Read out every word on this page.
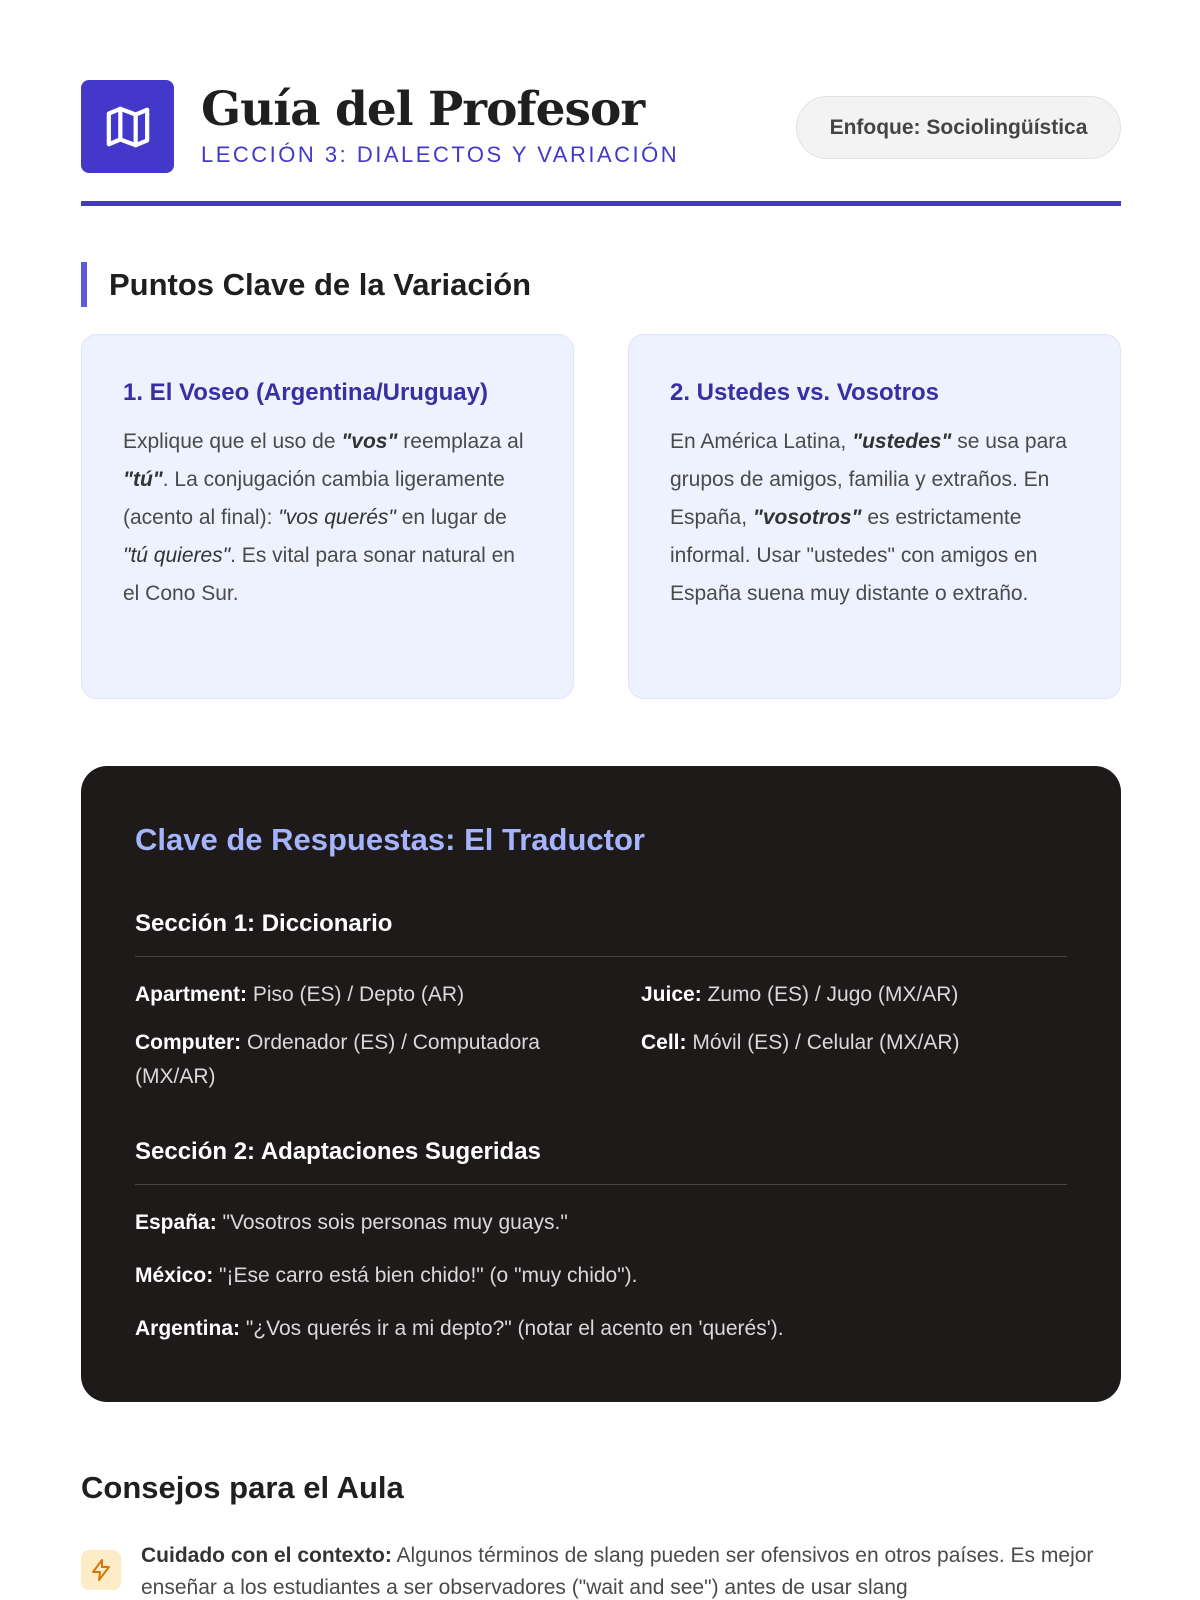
Guía del Profesor
LECCIÓN 3: DIALECTOS Y VARIACIÓN
Enfoque: Sociolingüística
Puntos Clave de la Variación
1. El Voseo (Argentina/Uruguay)

Explique que el uso de "vos" reemplaza al "tú". La conjugación cambia ligeramente (acento al final): "vos querés" en lugar de "tú quieres". Es vital para sonar natural en el Cono Sur.

2. Ustedes vs. Vosotros

En América Latina, "ustedes" se usa para grupos de amigos, familia y extraños. En España, "vosotros" es estrictamente informal. Usar "ustedes" con amigos en España suena muy distante o extraño.

Clave de Respuestas: El Traductor
Sección 1: Diccionario
Apartment: Piso (ES) / Depto (AR)	Juice: Zumo (ES) / Jugo (MX/AR)
Computer: Ordenador (ES) / Computadora (MX/AR)
Cell: Móvil (ES) / Celular (MX/AR)
Sección 2: Adaptaciones Sugeridas
España: "Vosotros sois personas muy guays."
México: "¡Ese carro está bien chido!" (o "muy chido").
Argentina: "¿Vos querés ir a mi depto?" (notar el acento en 'querés').
Consejos para el Aula
Cuidado con el contexto: Algunos términos de slang pueden ser ofensivos en otros países. Es mejor enseñar a los estudiantes a ser observadores ("wait and see") antes de usar slang
